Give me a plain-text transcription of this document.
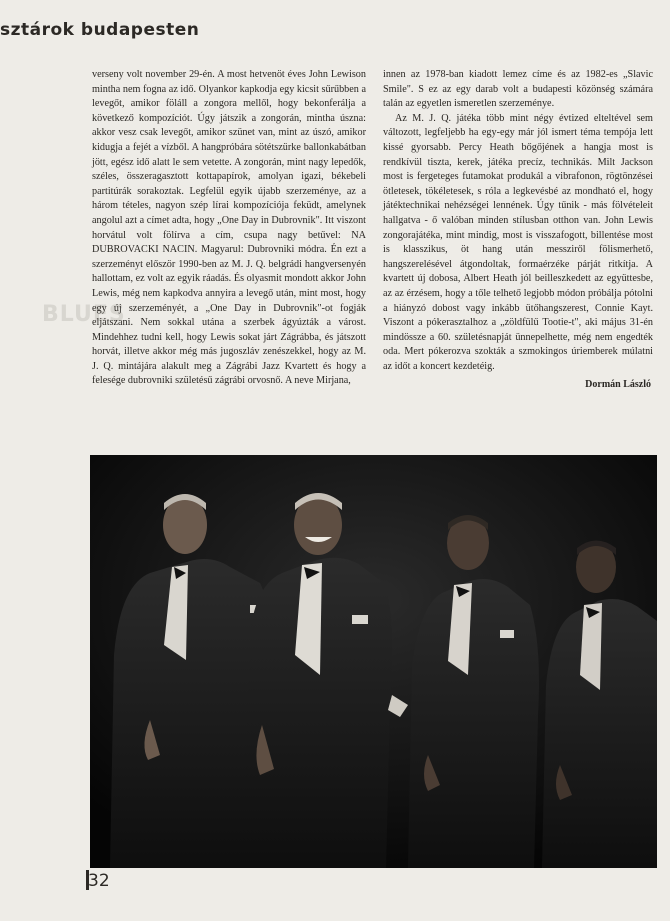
sztárok budapesten
BLUES

verseny volt november 29-én. A most hetvenöt éves John Lewison mintha nem fogna az idő. Olyankor kapkodja egy kicsit sűrűbben a levegőt, amikor föláll a zongora mellől, hogy bekonferálja a következő kompozíciót. Úgy játszik a zongorán, mintha úszna: akkor vesz csak levegőt, amikor szünet van, mint az úszó, amikor kidugja a fejét a vízből. A hangpróbára sötétszürke ballonkabátban jött, egész idő alatt le sem vetette. A zongorán, mint nagy lepedők, széles, összeragasztott kottapapírok, amolyan igazi, békebeli partitúrák sorakoztak. Legfelül egyik újabb szerzeménye, az a három tételes, nagyon szép lírai kompozíciója feküdt, amelynek angolul azt a címet adta, hogy „One Day in Dubrovnik". Itt viszont horvátul volt fölírva a cím, csupa nagy betűvel: NA DUBROVACKI NACIN. Magyarul: Dubrovniki módra. Én ezt a szerzeményt először 1990-ben az M. J. Q. belgrádi hangversenyén hallottam, ez volt az egyik ráadás. És olyasmit mondott akkor John Lewis, még nem kapkodva annyira a levegő után, mint most, hogy egy új szerzeményét, a „One Day in Dubrovnik"-ot fogják eljátszani. Nem sokkal utána a szerbek ágyúzták a várost. Mindehhez tudni kell, hogy Lewis sokat járt Zágrábba, és játszott horvát, illetve akkor még más jugoszláv zenészekkel, hogy az M. J. Q. mintájára alakult meg a Zágrábi Jazz Kvartett és hogy a felesége dubrovniki születésű zágrábi orvosnő. A neve Mirjana,

innen az 1978-ban kiadott lemez címe és az 1982-es „Slavic Smile". S ez az egy darab volt a budapesti közönség számára talán az egyetlen ismeretlen szerzeménye.

Az M. J. Q. játéka több mint négy évtized elteltével sem változott, legfeljebb ha egy-egy már jól ismert téma tempója lett kissé gyorsabb. Percy Heath bőgőjének a hangja most is rendkívül tiszta, kerek, játéka precíz, technikás. Milt Jackson most is fergeteges futamokat produkál a vibrafonon, rögtönzései ötletesek, tökéletesek, s róla a legkevésbé az mondható el, hogy játéktechnikai nehézségei lennének. Úgy tűnik - más fölvételeit hallgatva - ő valóban minden stílusban otthon van. John Lewis zongorajátéka, mint mindig, most is visszafogott, billentése most is klasszikus, öt hang után messziről fölismerhető, hangszerelésével átgondoltak, formaérzéke párját ritkítja. A kvartett új dobosa, Albert Heath jól beilleszkedett az együttesbe, az az érzésem, hogy a tőle telhető legjobb módon próbálja pótolni a hiányzó dobost vagy inkább ütőhangszerest, Connie Kayt. Viszont a pókerasztalhoz a „zöldfülű Tootie-t", aki május 31-én mindössze a 60. születésnapját ünnepelhette, még nem engedték oda. Mert pókerozva szokták a szmokingos úriemberek múlatni az időt a koncert kezdetéig.

Dormán László
32
